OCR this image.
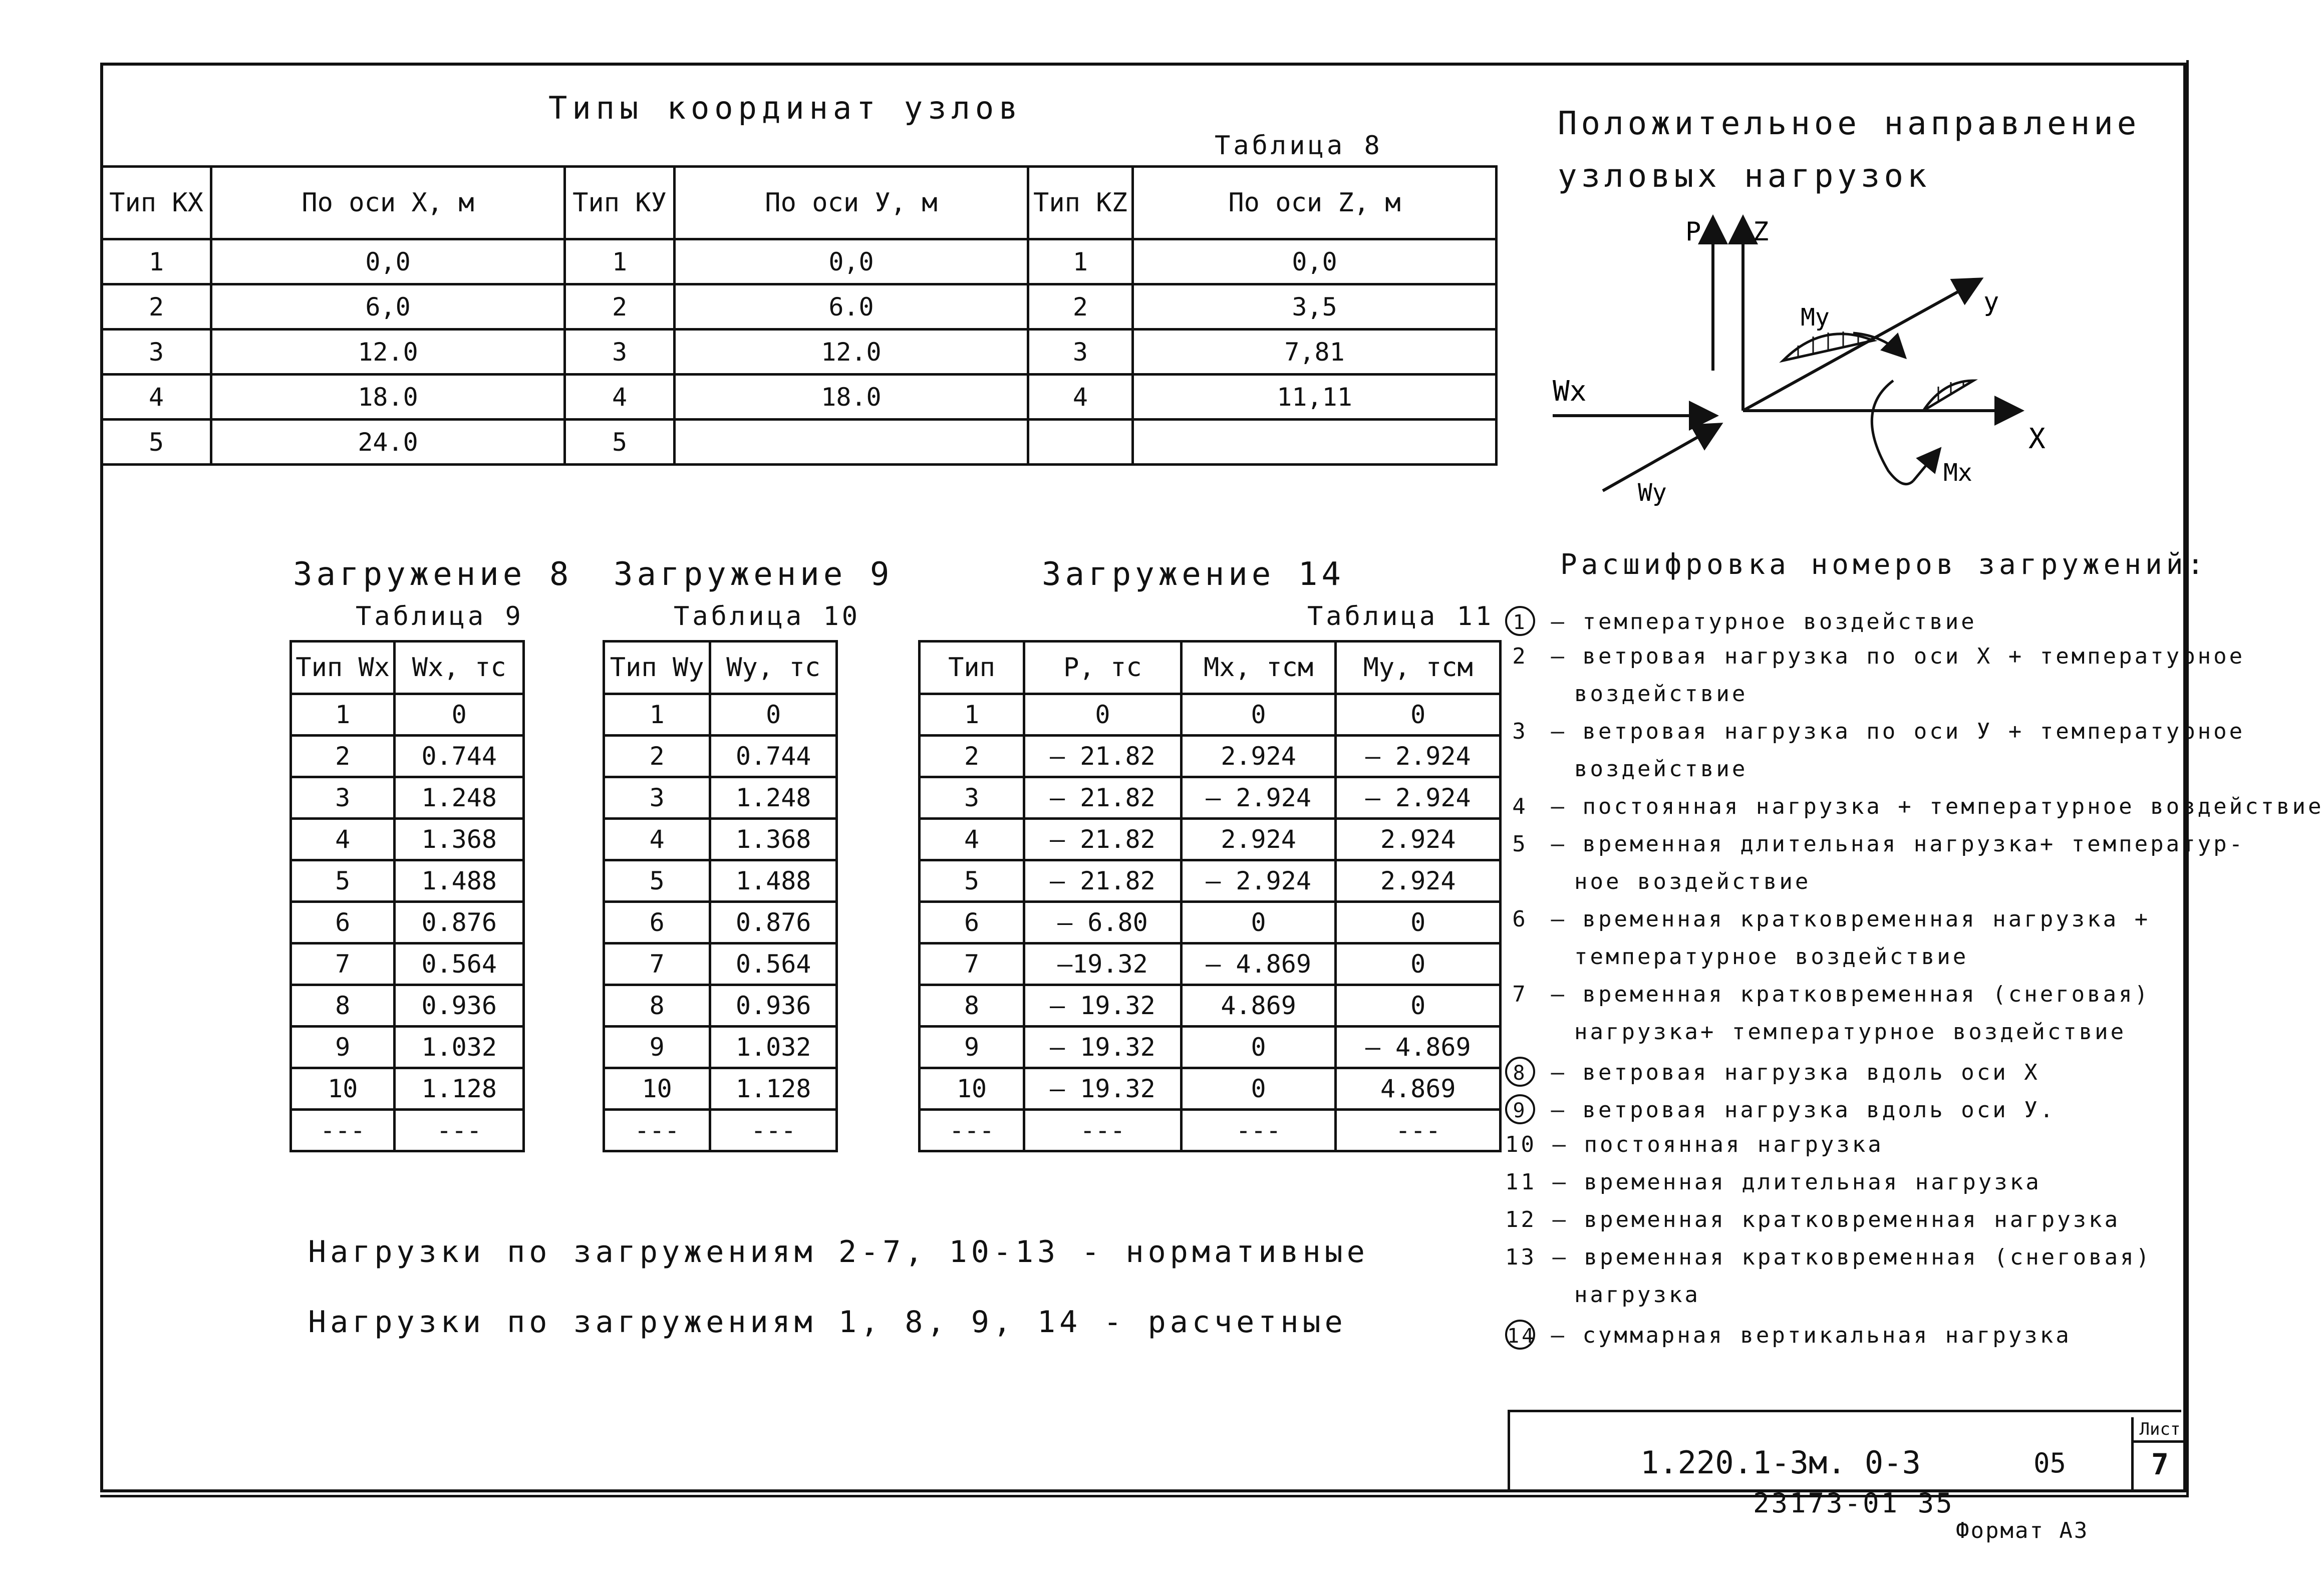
Типы координат узлов
Таблица 8
Тип КХ	По оси X, м	Тип КУ	По оси У, м	Тип КZ	По оси Z, м
1	0,0	1	0,0	1	0,0
2	6,0	2	6.0	2	3,5
3	12.0	3	12.0	3	7,81
4	18.0	4	18.0	4	11,11
5	24.0	5			
Положительное направление
узловых нагрузок
P Z
y
My
Wx
X
Mx
Wy
Загружение 8
Таблица 9
Тип Wx	Wx, тс
1	0
2	0.744
3	1.248
4	1.368
5	1.488
6	0.876
7	0.564
8	0.936
9	1.032
10	1.128
---	---
Загружение 9
Таблица 10
Тип Wy	Wy, тс
1	0
2	0.744
3	1.248
4	1.368
5	1.488
6	0.876
7	0.564
8	0.936
9	1.032
10	1.128
---	---
Загружение 14
Таблица 11
Тип	P, тс	Mx, тсм	My, тсм
1	0	0	0
2	– 21.82	2.924	– 2.924
3	– 21.82	– 2.924	– 2.924
4	– 21.82	2.924	2.924
5	– 21.82	– 2.924	2.924
6	– 6.80	0	0
7	–19.32	– 4.869	0
8	– 19.32	4.869	0
9	– 19.32	0	– 4.869
10	– 19.32	0	4.869
---	---	---	---
Расшифровка номеров загружений:
1 – температурное воздействие
2 – ветровая нагрузка по оси X + температурное
воздействие
3 – ветровая нагрузка по оси У + температурное
воздействие
4 – постоянная нагрузка + температурное воздействие
5 – временная длительная нагрузка+ температур-
ное воздействие
6 – временная кратковременная нагрузка +
температурное воздействие
7 – временная кратковременная (снеговая)
нагрузка+ температурное воздействие
8 – ветровая нагрузка вдоль оси X
9 – ветровая нагрузка вдоль оси У.
10 – постоянная нагрузка
11 – временная длительная нагрузка
12 – временная кратковременная нагрузка
13 – временная кратковременная (снеговая)
нагрузка
14 – суммарная вертикальная нагрузка
Нагрузки по загружениям 2-7, 10-13 - нормативные
Нагрузки по загружениям 1, 8, 9, 14 - расчетные
1.220.1-3м. 0-3	05
Лист
7
23173-01 35
Формат А3
